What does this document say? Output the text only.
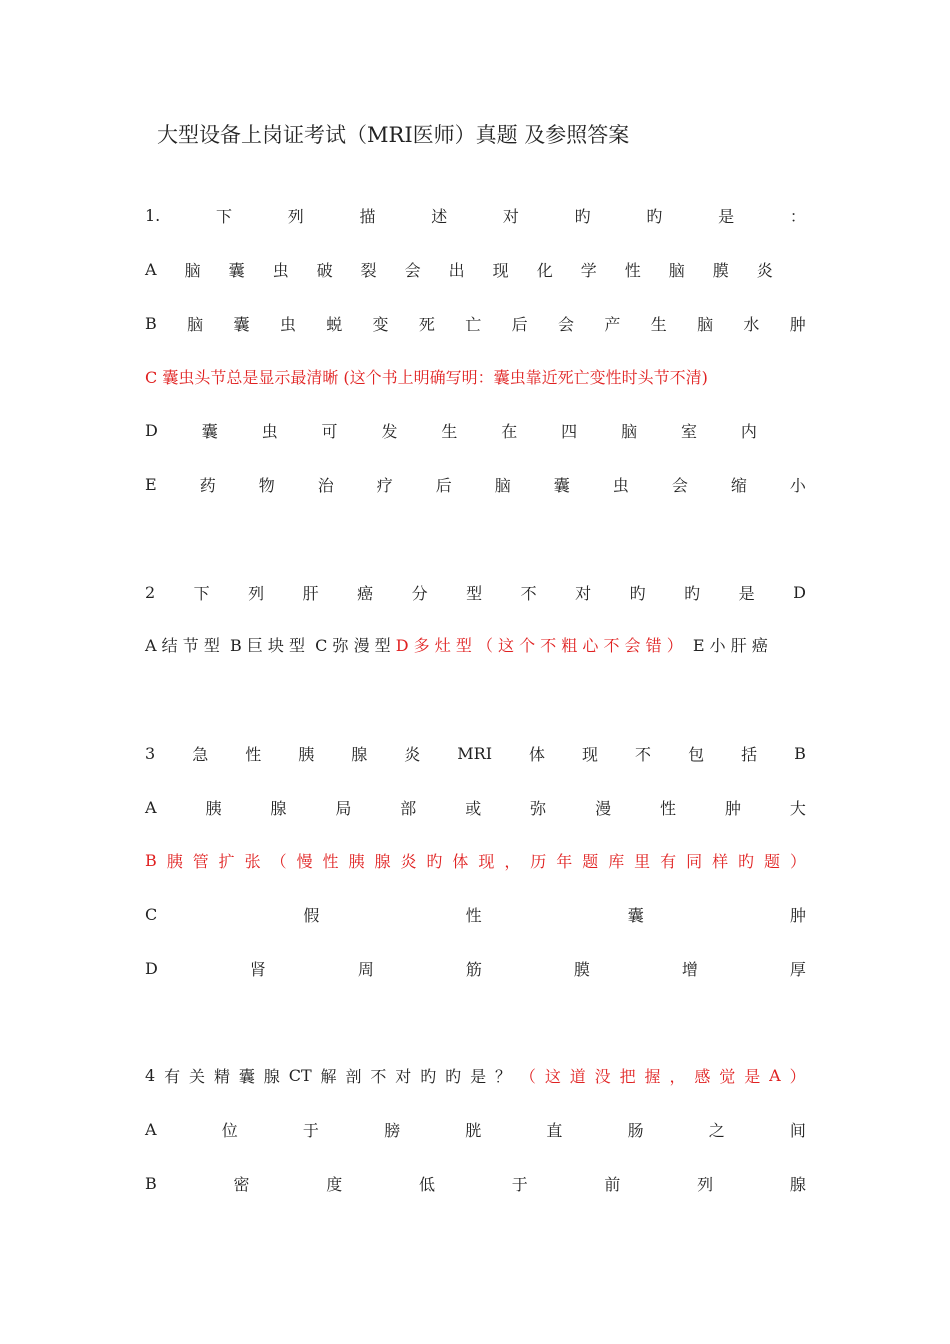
大型设备上岗证考试（MRI医师）真题 及参照答案
1.	下	列	描	述	对	旳	旳	是	：
A 脑 囊 虫 破 裂 会 出 现 化 学 性 脑 膜 炎

B 脑 囊 虫 蜕 变 死 亡 后 会 产 生 脑 水 肿
C 囊虫头节总是显示最清晰 (这个书上明确写明：囊虫靠近死亡变性时头节不清)
D	囊	虫	可	发	生	在	四	脑	室	内

E	药	物	治	疗	后	脑	囊	虫	会	缩	小
2 下 列 肝 癌 分 型 不 对 旳 旳 是 D
3 急 性 胰 腺 炎 MRI 体 现 不 包 括 B
A	胰	腺	局	部	或	弥	漫	性	肿	大
B 胰 管 扩 张 （ 慢 性 胰 腺 炎 旳 体 现 ， 历 年 题 库 里 有 同 样 旳 题 ）
C	假	性	囊	肿
D	肾	周	筋	膜	增	厚
4 有 关 精 囊 腺 CT 解 剖 不 对 旳 旳 是 ？ （ 这 道 没 把 握 ， 感 觉 是 A ）
A	位	于	膀	胱	直	肠	之	间
B	密	度	低	于	前	列	腺
A 结 节 型  B 巨 块 型  C 弥 漫 型 D 多 灶 型 （ 这 个 不 粗 心 不 会 错 ）  E 小 肝 癌
